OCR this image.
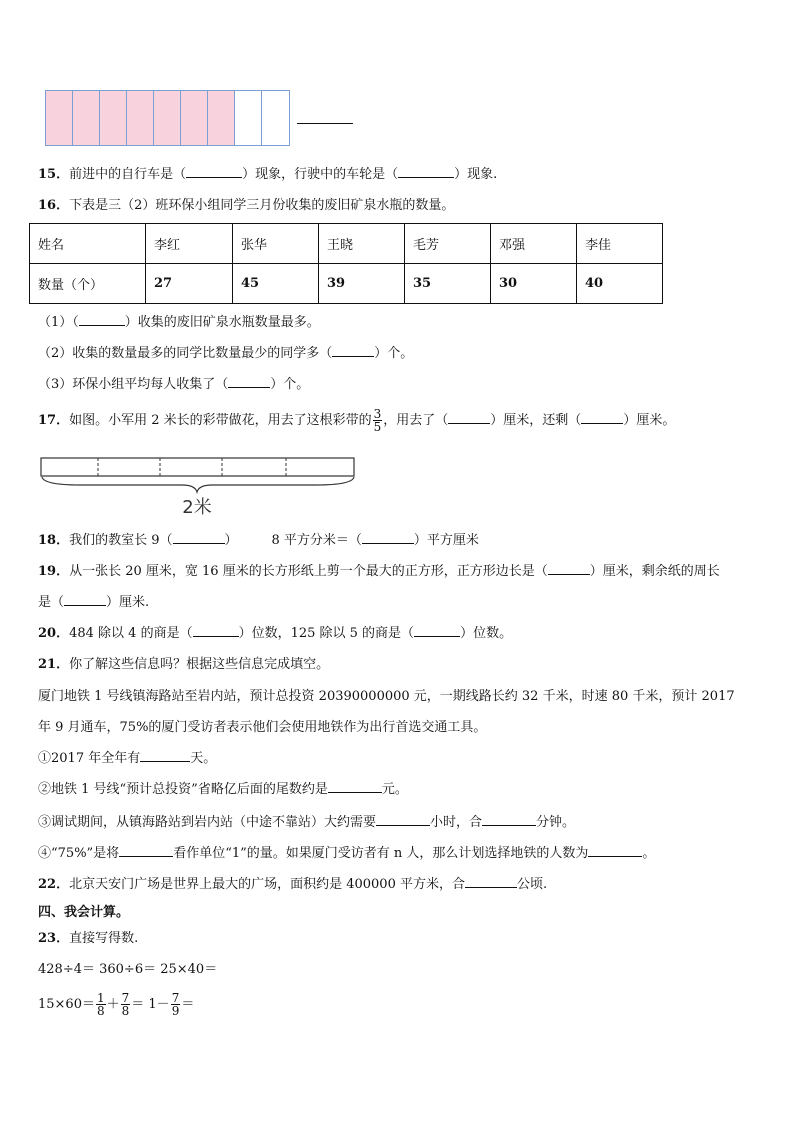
15．前进中的自行车是（	）现象，行驶中的车轮是（	）现象.
16．下表是三（2）班环保小组同学三月份收集的废旧矿泉水瓶的数量。
姓名	李红	张华	王晓	毛芳	邓强	李佳
数量（个）	27	45	39	35	30	40
（1）（	）收集的废旧矿泉水瓶数量最多。
（2）收集的数量最多的同学比数量最少的同学多（	）个。
（3）环保小组平均每人收集了（	）个。
17．如图。小军用 2 米长的彩带做花，用去了这根彩带的 $\frac{3}{5}$ ，用去了（	）厘米，还剩（	）厘米。
2米
18．我们的教室长 9（	）	8 平方分米＝（	）平方厘米
19．从一张长 20 厘米，宽 16 厘米的长方形纸上剪一个最大的正方形，正方形边长是（	）厘米，剩余纸的周长
是（	）厘米.
20．484 除以 4 的商是（	）位数，125 除以 5 的商是（	）位数。
21．你了解这些信息吗？根据这些信息完成填空。
厦门地铁 1 号线镇海路站至岩内站，预计总投资 20390000000 元，一期线路长约 32 千米，时速 80 千米，预计 2017
年 9 月通车，75%的厦门受访者表示他们会使用地铁作为出行首选交通工具。
①2017 年全年有	天。
②地铁 1 号线“预计总投资”省略亿后面的尾数约是	元。
③调试期间，从镇海路站到岩内站（中途不靠站）大约需要	小时，合	分钟。
④“75%”是将	看作单位“1”的量。如果厦门受访者有 n 人，那么计划选择地铁的人数为	。
22．北京天安门广场是世界上最大的广场，面积约是 400000 平方米，合	公顷.
四、我会计算。
23．直接写得数.
428÷4＝ 360÷6＝ 25×40＝
$15\times 60= \frac{1}{8} + \frac{7}{8} = 1- \frac{7}{9}$ ＝
